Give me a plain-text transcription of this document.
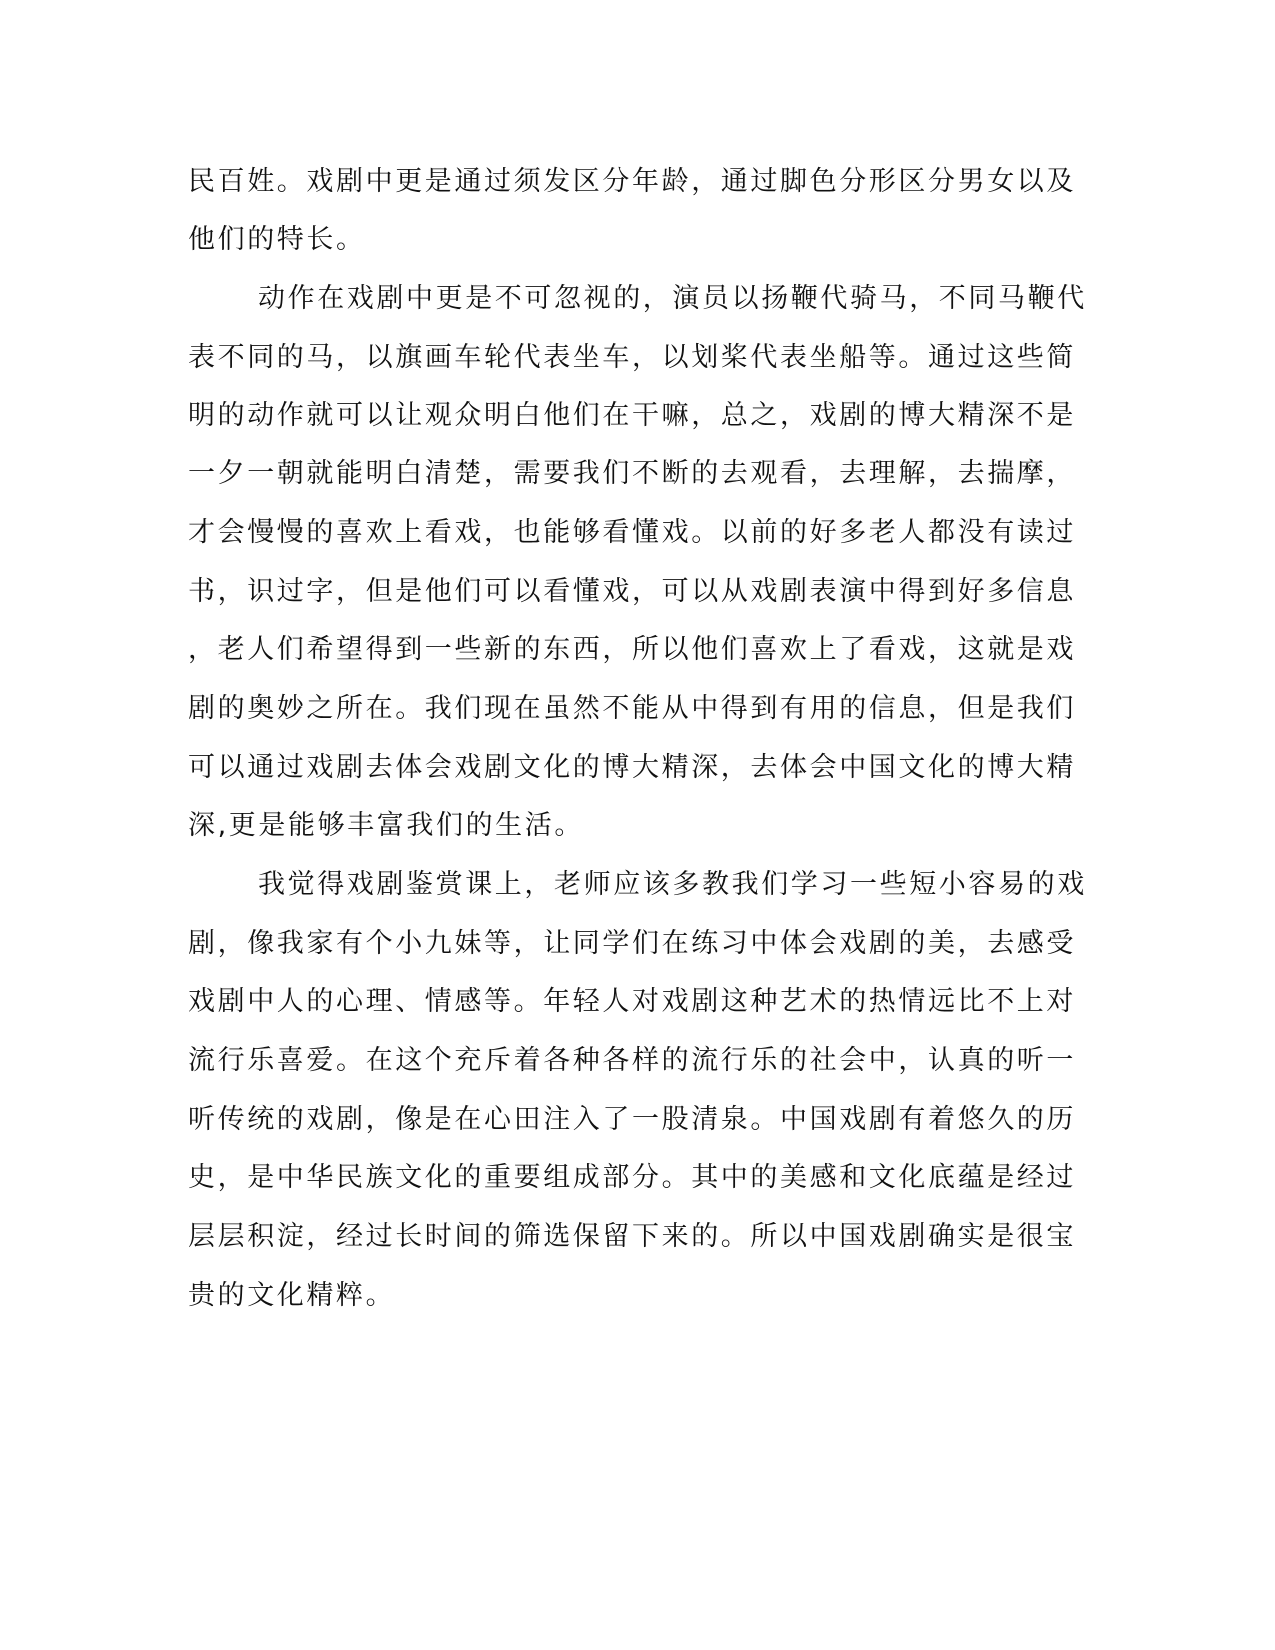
民百姓。戏剧中更是通过须发区分年龄，通过脚色分形区分男女以及
他们的特长。
动作在戏剧中更是不可忽视的，演员以扬鞭代骑马，不同马鞭代
表不同的马，以旗画车轮代表坐车，以划桨代表坐船等。通过这些简
明的动作就可以让观众明白他们在干嘛，总之，戏剧的博大精深不是
一夕一朝就能明白清楚，需要我们不断的去观看，去理解，去揣摩，
才会慢慢的喜欢上看戏，也能够看懂戏。以前的好多老人都没有读过
书，识过字，但是他们可以看懂戏，可以从戏剧表演中得到好多信息
，老人们希望得到一些新的东西，所以他们喜欢上了看戏，这就是戏
剧的奥妙之所在。我们现在虽然不能从中得到有用的信息，但是我们
可以通过戏剧去体会戏剧文化的博大精深，去体会中国文化的博大精
深,更是能够丰富我们的生活。
我觉得戏剧鉴赏课上，老师应该多教我们学习一些短小容易的戏
剧，像我家有个小九妹等，让同学们在练习中体会戏剧的美，去感受
戏剧中人的心理、情感等。年轻人对戏剧这种艺术的热情远比不上对
流行乐喜爱。在这个充斥着各种各样的流行乐的社会中，认真的听一
听传统的戏剧，像是在心田注入了一股清泉。中国戏剧有着悠久的历
史，是中华民族文化的重要组成部分。其中的美感和文化底蕴是经过
层层积淀，经过长时间的筛选保留下来的。所以中国戏剧确实是很宝
贵的文化精粹。
